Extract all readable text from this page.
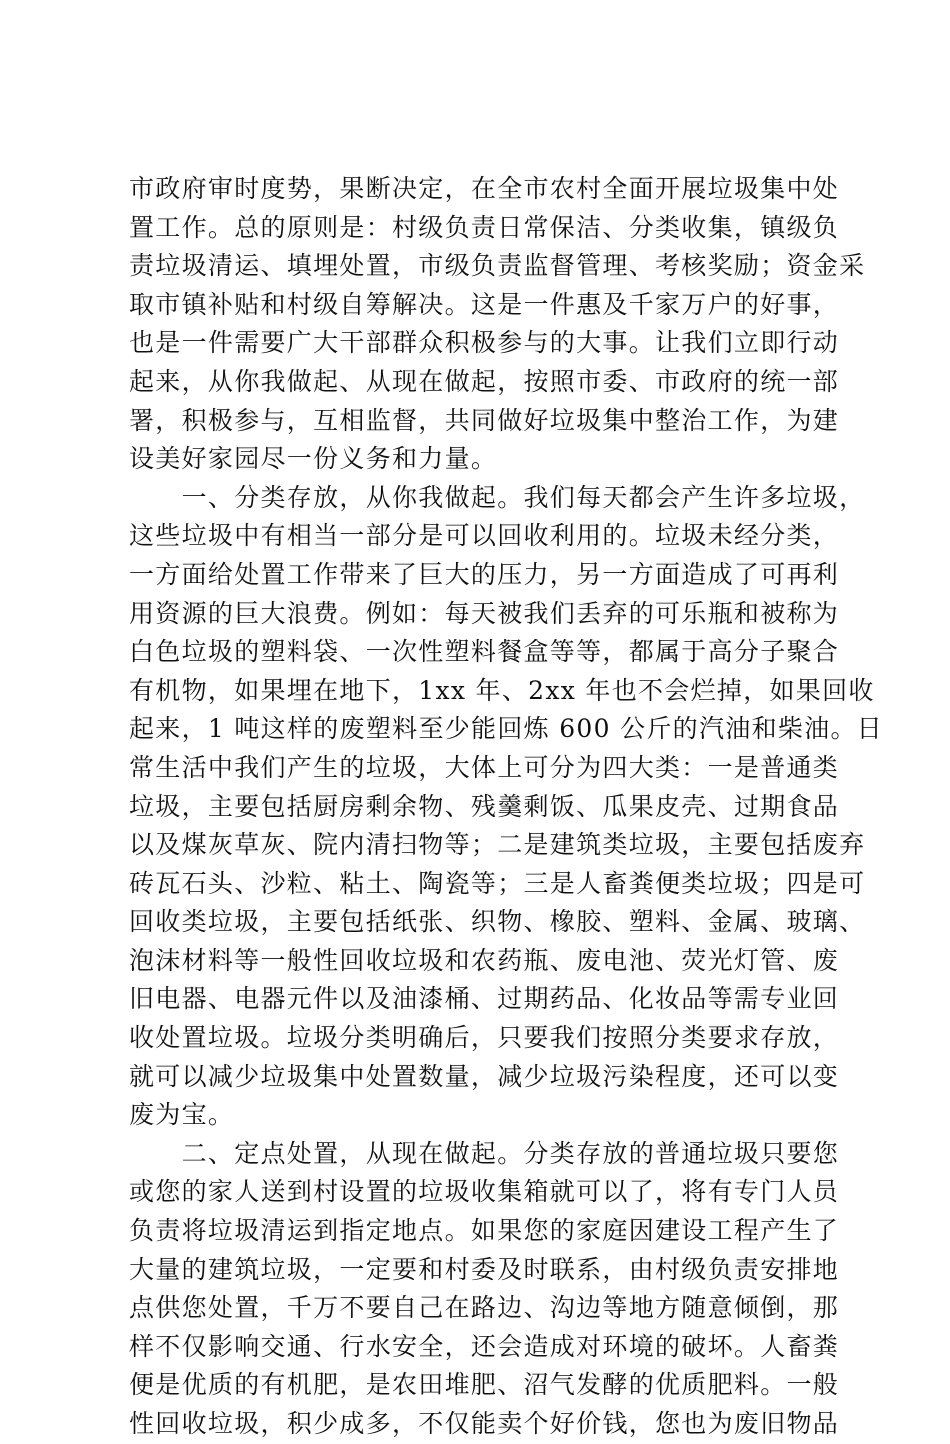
市政府审时度势，果断决定，在全市农村全面开展垃圾集中处
置工作。总的原则是：村级负责日常保洁、分类收集，镇级负
责垃圾清运、填埋处置，市级负责监督管理、考核奖励；资金采
取市镇补贴和村级自筹解决。这是一件惠及千家万户的好事，
也是一件需要广大干部群众积极参与的大事。让我们立即行动
起来，从你我做起、从现在做起，按照市委、市政府的统一部
署，积极参与，互相监督，共同做好垃圾集中整治工作，为建
设美好家园尽一份义务和力量。
　　一、分类存放，从你我做起。我们每天都会产生许多垃圾，
这些垃圾中有相当一部分是可以回收利用的。垃圾未经分类，
一方面给处置工作带来了巨大的压力，另一方面造成了可再利
用资源的巨大浪费。例如：每天被我们丢弃的可乐瓶和被称为
白色垃圾的塑料袋、一次性塑料餐盒等等，都属于高分子聚合
有机物，如果埋在地下，1xx 年、2xx 年也不会烂掉，如果回收
起来，1 吨这样的废塑料至少能回炼 600 公斤的汽油和柴油。日
常生活中我们产生的垃圾，大体上可分为四大类：一是普通类
垃圾，主要包括厨房剩余物、残羹剩饭、瓜果皮壳、过期食品
以及煤灰草灰、院内清扫物等；二是建筑类垃圾，主要包括废弃
砖瓦石头、沙粒、粘土、陶瓷等；三是人畜粪便类垃圾；四是可
回收类垃圾，主要包括纸张、织物、橡胶、塑料、金属、玻璃、
泡沫材料等一般性回收垃圾和农药瓶、废电池、荧光灯管、废
旧电器、电器元件以及油漆桶、过期药品、化妆品等需专业回
收处置垃圾。垃圾分类明确后，只要我们按照分类要求存放，
就可以减少垃圾集中处置数量，减少垃圾污染程度，还可以变
废为宝。
　　二、定点处置，从现在做起。分类存放的普通垃圾只要您
或您的家人送到村设置的垃圾收集箱就可以了，将有专门人员
负责将垃圾清运到指定地点。如果您的家庭因建设工程产生了
大量的建筑垃圾，一定要和村委及时联系，由村级负责安排地
点供您处置，千万不要自己在路边、沟边等地方随意倾倒，那
样不仅影响交通、行水安全，还会造成对环境的破坏。人畜粪
便是优质的有机肥，是农田堆肥、沼气发酵的优质肥料。一般
性回收垃圾，积少成多，不仅能卖个好价钱，您也为废旧物品
